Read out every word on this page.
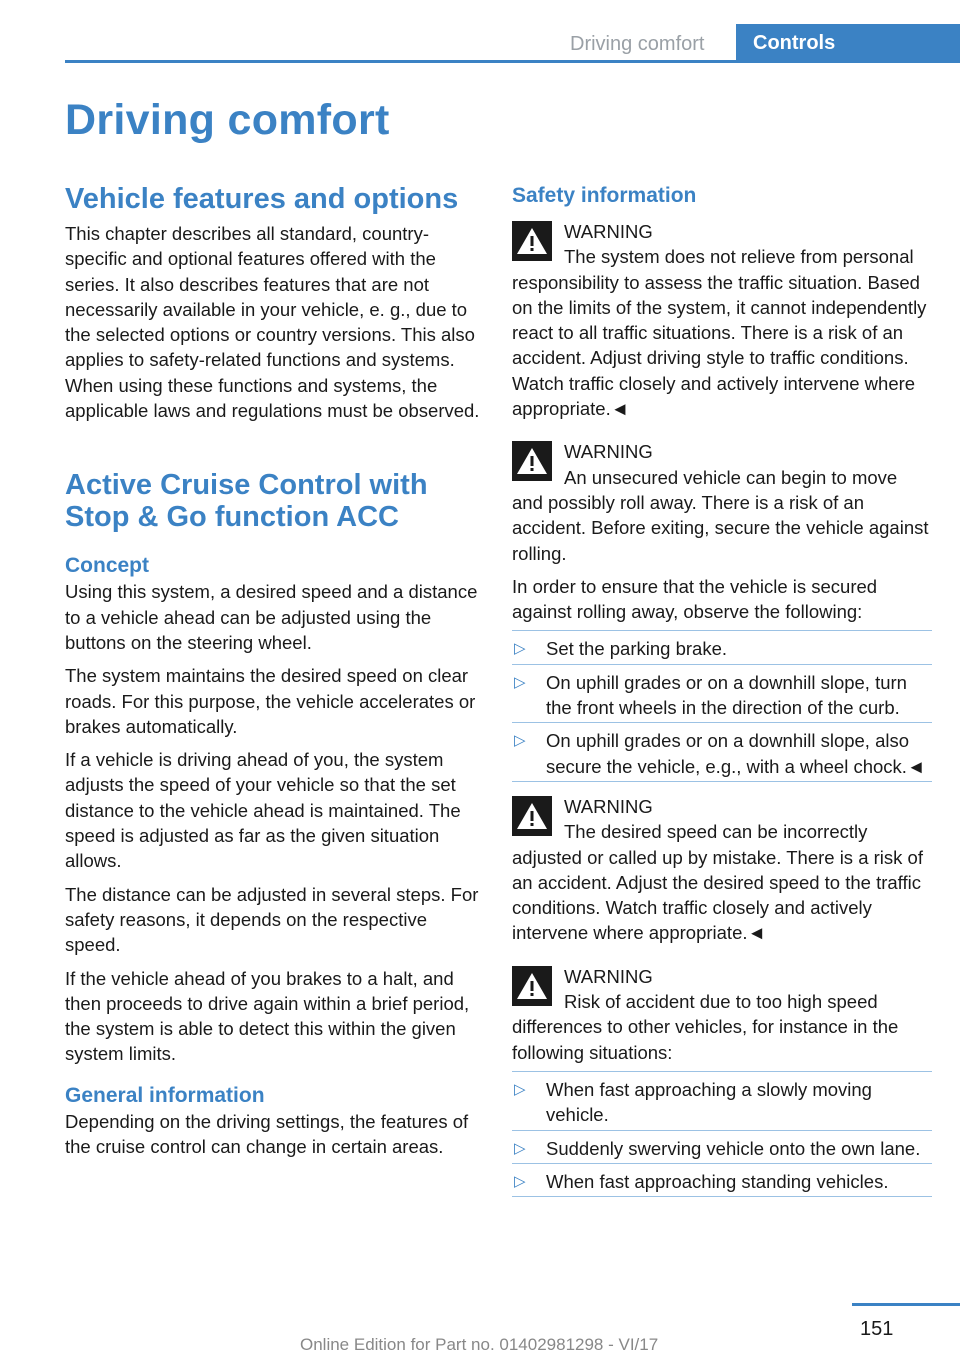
Driving comfort	Controls
Driving comfort
Vehicle features and options

This chapter describes all standard, country-specific and optional features offered with the series. It also describes features that are not necessarily available in your vehicle, e. g., due to the selected options or country versions. This also applies to safety-related functions and systems. When using these functions and systems, the applicable laws and regulations must be observed.

Active Cruise Control with Stop & Go function ACC
Concept

Using this system, a desired speed and a distance to a vehicle ahead can be adjusted using the buttons on the steering wheel.

The system maintains the desired speed on clear roads. For this purpose, the vehicle accelerates or brakes automatically.

If a vehicle is driving ahead of you, the system adjusts the speed of your vehicle so that the set distance to the vehicle ahead is maintained. The speed is adjusted as far as the given situation allows.

The distance can be adjusted in several steps. For safety reasons, it depends on the respective speed.

If the vehicle ahead of you brakes to a halt, and then proceeds to drive again within a brief period, the system is able to detect this within the given system limits.

General information

Depending on the driving settings, the features of the cruise control can change in certain areas.

Safety information
WARNING

The system does not relieve from personal responsibility to assess the traffic situation. Based on the limits of the system, it cannot independently react to all traffic situations. There is a risk of an accident. Adjust driving style to traffic conditions. Watch traffic closely and actively intervene where appropriate.◄

WARNING

An unsecured vehicle can begin to move and possibly roll away. There is a risk of an accident. Before exiting, secure the vehicle against rolling.

In order to ensure that the vehicle is secured against rolling away, observe the following:

▷ Set the parking brake.
▷ On uphill grades or on a downhill slope, turn the front wheels in the direction of the curb.
▷ On uphill grades or on a downhill slope, also secure the vehicle, e.g., with a wheel chock.◄
WARNING

The desired speed can be incorrectly adjusted or called up by mistake. There is a risk of an accident. Adjust the desired speed to the traffic conditions. Watch traffic closely and actively intervene where appropriate.◄

WARNING

Risk of accident due to too high speed differences to other vehicles, for instance in the following situations:

▷ When fast approaching a slowly moving vehicle.
▷ Suddenly swerving vehicle onto the own lane.
▷ When fast approaching standing vehicles.
151
Online Edition for Part no. 01402981298 - VI/17
